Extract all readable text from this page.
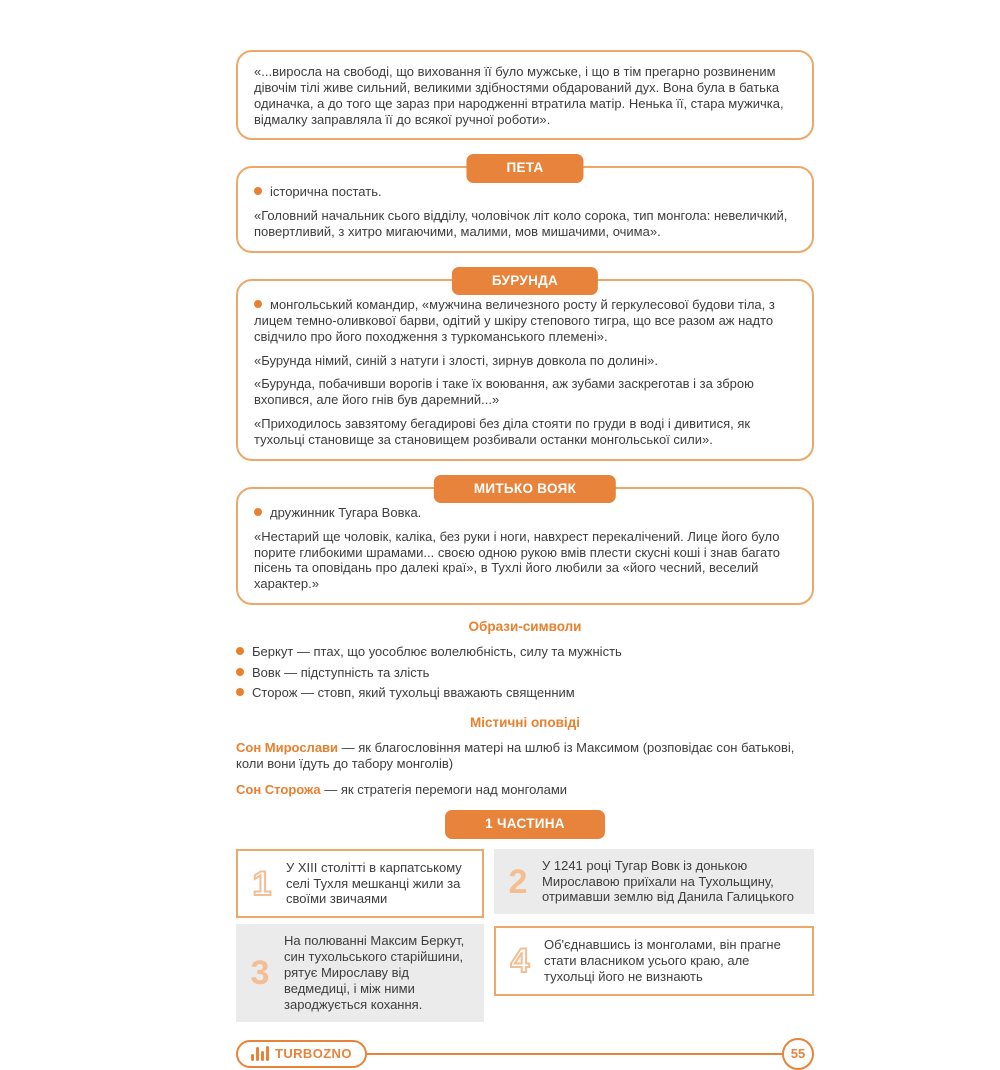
«...виросла на свободі, що виховання її було мужське, і що в тім прегарно розвиненим дівочім тілі живе сильний, великими здібностями обдарований дух. Вона була в батька одиначка, а до того ще зараз при народженні втратила матір. Ненька її, стара мужичка, відмалку заправляла її до всякої ручної роботи».

ПЕТА

історична постать.

«Головний начальник сього відділу, чоловічок літ коло сорока, тип монгола: невеличкий, повертливий, з хитро мигаючими, малими, мов мишачими, очима».

БУРУНДА

монгольський командир, «мужчина величезного росту й геркулесової будови тіла, з лицем темно-оливкової барви, одітий у шкіру степового тигра, що все разом аж надто свідчило про його походження з туркоманського племені».

«Бурунда німий, синій з натуги і злості, зирнув довкола по долині».

«Бурунда, побачивши ворогів і таке їх воювання, аж зубами заскреготав і за зброю вхопився, але його гнів був даремний...»

«Приходилось завзятому бегадирові без діла стояти по груди в воді і дивитися, як тухольці становище за становищем розбивали останки монгольської сили».

МИТЬКО ВОЯК

дружинник Тугара Вовка.

«Нестарий ще чоловік, каліка, без руки і ноги, навхрест перекалічений. Лице його було порите глибокими шрамами... своєю одною рукою вмів плести скусні коші і знав багато пісень та оповідань про далекі краї», в Тухлі його любили за «його чесний, веселий характер.»

Образи-символи
Беркут — птах, що уособлює волелюбність, силу та мужність
Вовк — підступність та злість
Сторож — стовп, який тухольці вважають священним
Містичні оповіді

Сон Мирослави — як благословіння матері на шлюб із Максимом (розповідає сон батькові, коли вони їдуть до табору монголів)

Сон Сторожа — як стратегія перемоги над монголами

1 ЧАСТИНА
1	У XIII столітті в карпатському селі Тухля мешканці жили за своїми звичаями
3
На полюванні Максим Беркут, син тухольського старійшини, рятує Мирославу від ведмедиці, і між ними зароджується кохання.
2	У 1241 році Тугар Вовк із донькою Мирославою приїхали на Тухольщину, отримавши землю від Данила Галицького
4	Об'єднавшись із монголами, він прагне стати власником усього краю, але тухольці його не визнають
TURBOZNO	55
